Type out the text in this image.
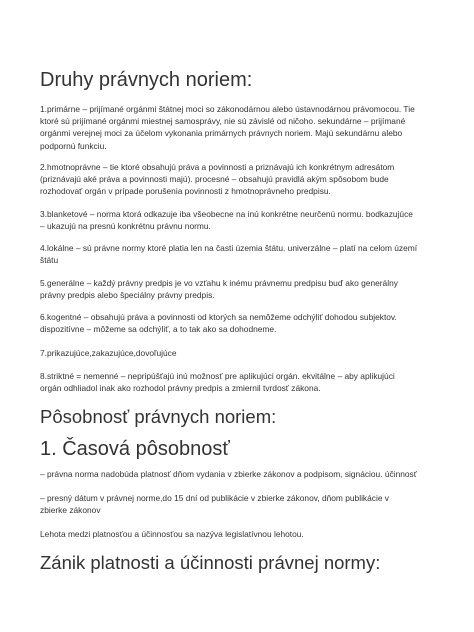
Druhy právnych noriem:

1.primárne – prijímané orgánmi štátnej moci so zákonodárnou alebo ústavnodárnou právomocou. Tie ktoré sú prijímané orgánmi miestnej samosprávy, nie sú závislé od ničoho. sekundárne – prijímané orgánmi verejnej moci za účelom vykonania primárnych právnych noriem. Majú sekundárnu alebo podpornú funkciu.

2.hmotnoprávne – tie ktoré obsahujú práva a povinnosti a priznávajú ich konkrétnym adresátom (priznávajú aké práva a povinnosti majú). procesné – obsahujú pravidlá akým spôsobom bude rozhodovať orgán v prípade porušenia povinnosti z hmotnoprávneho predpisu.

3.blanketové – norma ktorá odkazuje iba všeobecne na inú konkrétne neurčenú normu. bodkazujúce – ukazujú na presnú konkrétnu právnu normu.

4.lokálne – sú právne normy ktoré platia len na časti územia štátu. univerzálne – platí na celom území štátu

5.generálne – každý právny predpis je vo vzťahu k inému právnemu predpisu buď ako generálny právny predpis alebo špeciálny právny predpis.

6.kogentné – obsahujú práva a povinnosti od ktorých sa nemôžeme odchýliť dohodou subjektov. dispozitívne – môžeme sa odchýliť, a to tak ako sa dohodneme.

7.prikazujúce,zakazujúce,dovoľujúce

8.striktné = nemenné – nepripúšťajú inú možnosť pre aplikujúci orgán. ekvitálne – aby aplikujúci orgán odhliadol inak ako rozhodol právny predpis a zmiernil tvrdosť zákona.

Pôsobnosť právnych noriem:
1. Časová pôsobnosť

– právna norma nadobúda platnosť dňom vydania v zbierke zákonov a podpisom, signáciou. účinnosť

– presný dátum v právnej norme,do 15 dní od publikácie v zbierke zákonov, dňom publikácie v zbierke zákonov

Lehota medzi platnosťou a účinnosťou sa nazýva legislatívnou lehotou.

Zánik platnosti a účinnosti právnej normy:
